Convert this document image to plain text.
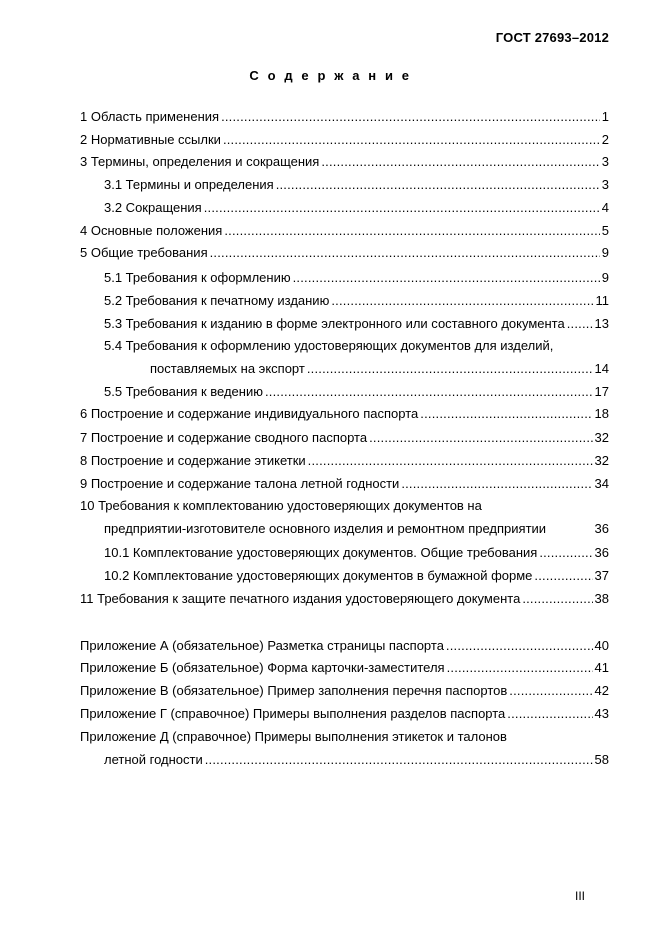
ГОСТ 27693–2012
С о д е р ж а н и е
1 Область применения .....	1
2 Нормативные ссылки .....	2
3 Термины, определения и сокращения .....	3
3.1 Термины и определения .....	3
3.2 Сокращения .....	4
4 Основные положения .....	5
5 Общие требования .....	9
5.1 Требования к оформлению .....	9
5.2 Требования к печатному изданию .....	11
5.3 Требования к изданию в форме электронного или составного документа ..... 13
5.4 Требования к оформлению удостоверяющих документов для изделий,
поставляемых на экспорт .....	14
5.5 Требования к ведению .....	17
6 Построение и содержание индивидуального паспорта .....	18
7 Построение и содержание сводного паспорта .....	32
8 Построение и содержание этикетки .....	32
9 Построение и содержание талона летной годности .....	34
10 Требования к комплектованию удостоверяющих документов на
предприятии-изготовителе основного изделия и ремонтном предприятии	36
10.1 Комплектование удостоверяющих документов. Общие требования .....	36
10.2 Комплектование удостоверяющих документов в бумажной форме .....	37
11 Требования к защите печатного издания удостоверяющего документа .....	38
Приложение А (обязательное) Разметка страницы паспорта .....	40
Приложение Б (обязательное) Форма карточки-заместителя .....	41
Приложение В (обязательное) Пример заполнения перечня паспортов .....	42
Приложение Г (справочное) Примеры выполнения разделов паспорта .....	43
Приложение Д (справочное) Примеры выполнения этикеток и талонов
летной годности .....	58
III
